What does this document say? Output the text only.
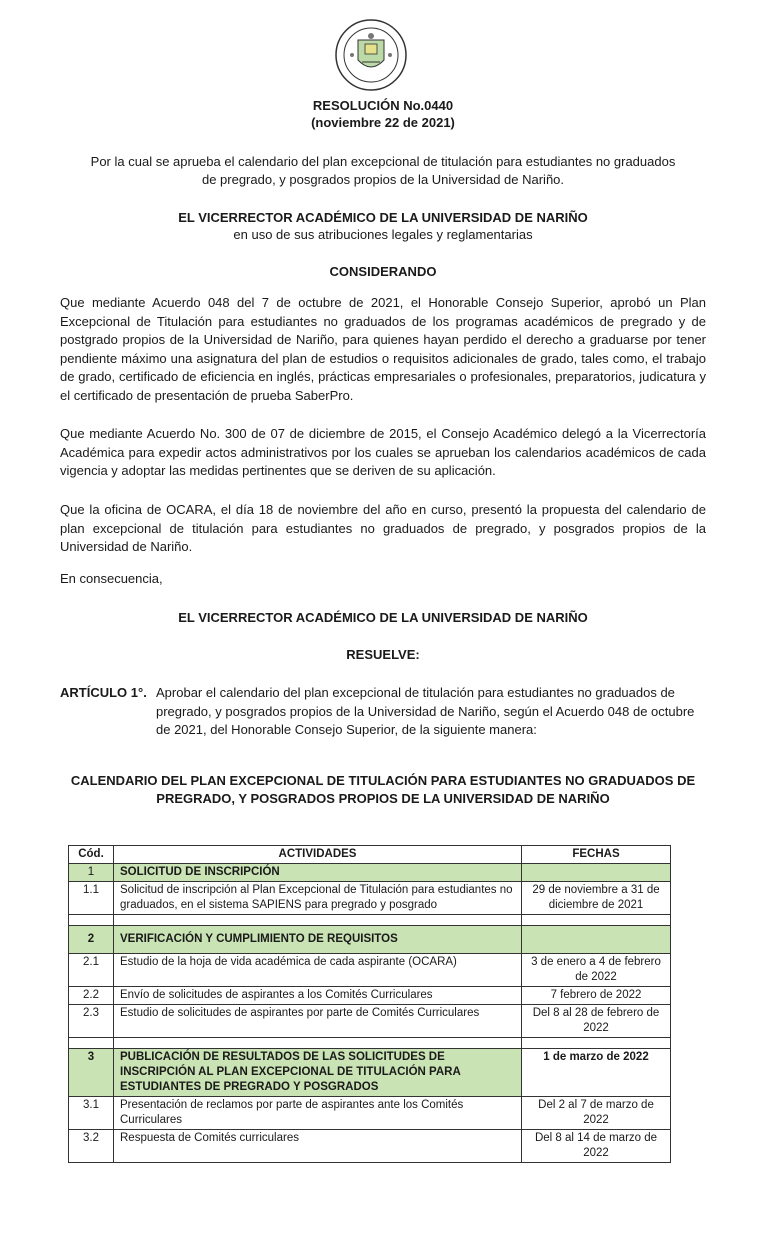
RESOLUCIÓN No.0440
(noviembre 22 de 2021)
Por la cual se aprueba el calendario del plan excepcional de titulación para estudiantes no graduados
de pregrado, y posgrados propios de la Universidad de Nariño.
EL VICERRECTOR ACADÉMICO DE LA UNIVERSIDAD DE NARIÑO
en uso de sus atribuciones legales y reglamentarias
CONSIDERANDO
Que mediante Acuerdo 048 del 7 de octubre de 2021, el Honorable Consejo Superior, aprobó un Plan Excepcional de Titulación para estudiantes no graduados de los programas académicos de pregrado y de postgrado propios de la Universidad de Nariño, para quienes hayan perdido el derecho a graduarse por tener pendiente máximo una asignatura del plan de estudios o requisitos adicionales de grado, tales como, el trabajo de grado, certificado de eficiencia en inglés, prácticas empresariales o profesionales, preparatorios, judicatura y el certificado de presentación de prueba SaberPro.
Que mediante Acuerdo No. 300 de 07 de diciembre de 2015, el Consejo Académico delegó a la Vicerrectoría Académica para expedir actos administrativos por los cuales se aprueban los calendarios académicos de cada vigencia y adoptar las medidas pertinentes que se deriven de su aplicación.
Que la oficina de OCARA, el día 18 de noviembre del año en curso, presentó la propuesta del calendario de plan excepcional de titulación para estudiantes no graduados de pregrado, y posgrados propios de la Universidad de Nariño.
En consecuencia,
EL VICERRECTOR ACADÉMICO DE LA UNIVERSIDAD DE NARIÑO
RESUELVE:
ARTÍCULO 1°. Aprobar el calendario del plan excepcional de titulación para estudiantes no graduados de pregrado, y posgrados propios de la Universidad de Nariño, según el Acuerdo 048 de octubre de 2021, del Honorable Consejo Superior, de la siguiente manera:
CALENDARIO DEL PLAN EXCEPCIONAL DE TITULACIÓN PARA ESTUDIANTES NO GRADUADOS DE
PREGRADO, Y POSGRADOS PROPIOS DE LA UNIVERSIDAD DE NARIÑO
Cód.	ACTIVIDADES	FECHAS
1	SOLICITUD DE INSCRIPCIÓN	
1.1	Solicitud de inscripción al Plan Excepcional de Titulación para estudiantes no graduados, en el sistema SAPIENS para pregrado y posgrado	29 de noviembre a 31 de diciembre de 2021

2	VERIFICACIÓN Y CUMPLIMIENTO DE REQUISITOS	
2.1	Estudio de la hoja de vida académica de cada aspirante (OCARA)	3 de enero a 4 de febrero de 2022
2.2	Envío de solicitudes de aspirantes a los Comités Curriculares	7 febrero de 2022
2.3	Estudio de solicitudes de aspirantes por parte de Comités Curriculares	Del 8 al 28 de febrero de 2022

3	PUBLICACIÓN DE RESULTADOS DE LAS SOLICITUDES DE INSCRIPCIÓN AL PLAN EXCEPCIONAL DE TITULACIÓN PARA ESTUDIANTES DE PREGRADO Y POSGRADOS	1 de marzo de 2022
3.1	Presentación de reclamos por parte de aspirantes ante los Comités Curriculares	Del 2 al 7 de marzo de 2022
3.2	Respuesta de Comités curriculares	Del 8 al 14 de marzo de 2022
